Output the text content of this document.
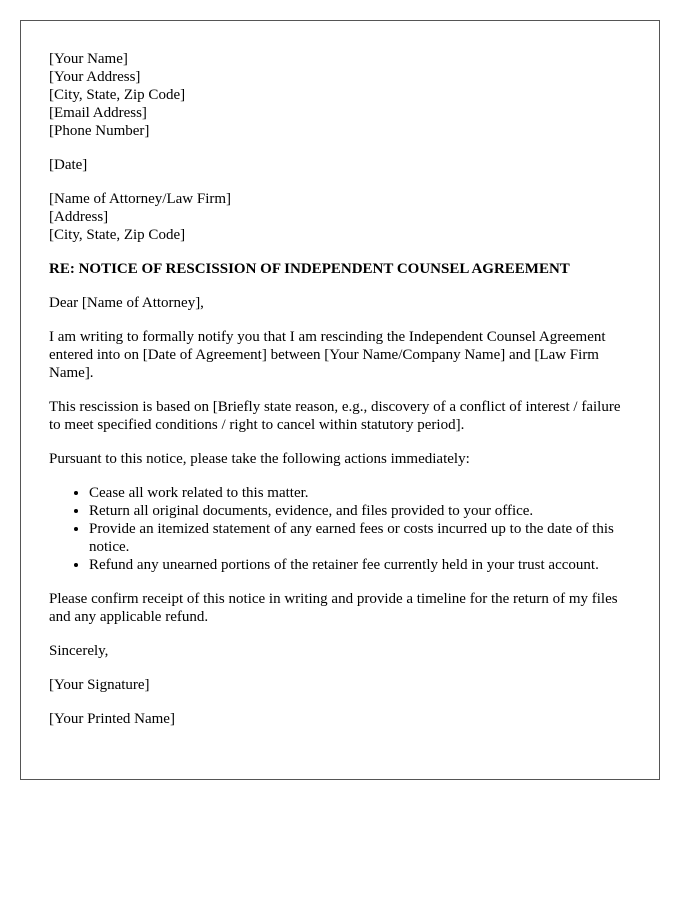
[Your Name]
[Your Address]
[City, State, Zip Code]
[Email Address]
[Phone Number]
[Date]
[Name of Attorney/Law Firm]
[Address]
[City, State, Zip Code]
RE: NOTICE OF RESCISSION OF INDEPENDENT COUNSEL AGREEMENT

Dear [Name of Attorney],

I am writing to formally notify you that I am rescinding the Independent Counsel Agreement entered into on [Date of Agreement] between [Your Name/Company Name] and [Law Firm Name].

This rescission is based on [Briefly state reason, e.g., discovery of a conflict of interest / failure to meet specified conditions / right to cancel within statutory period].

Pursuant to this notice, please take the following actions immediately:

• Cease all work related to this matter.
• Return all original documents, evidence, and files provided to your office.
• Provide an itemized statement of any earned fees or costs incurred up to the date of this notice.
• Refund any unearned portions of the retainer fee currently held in your trust account.

Please confirm receipt of this notice in writing and provide a timeline for the return of my files and any applicable refund.

Sincerely,

[Your Signature]

[Your Printed Name]
